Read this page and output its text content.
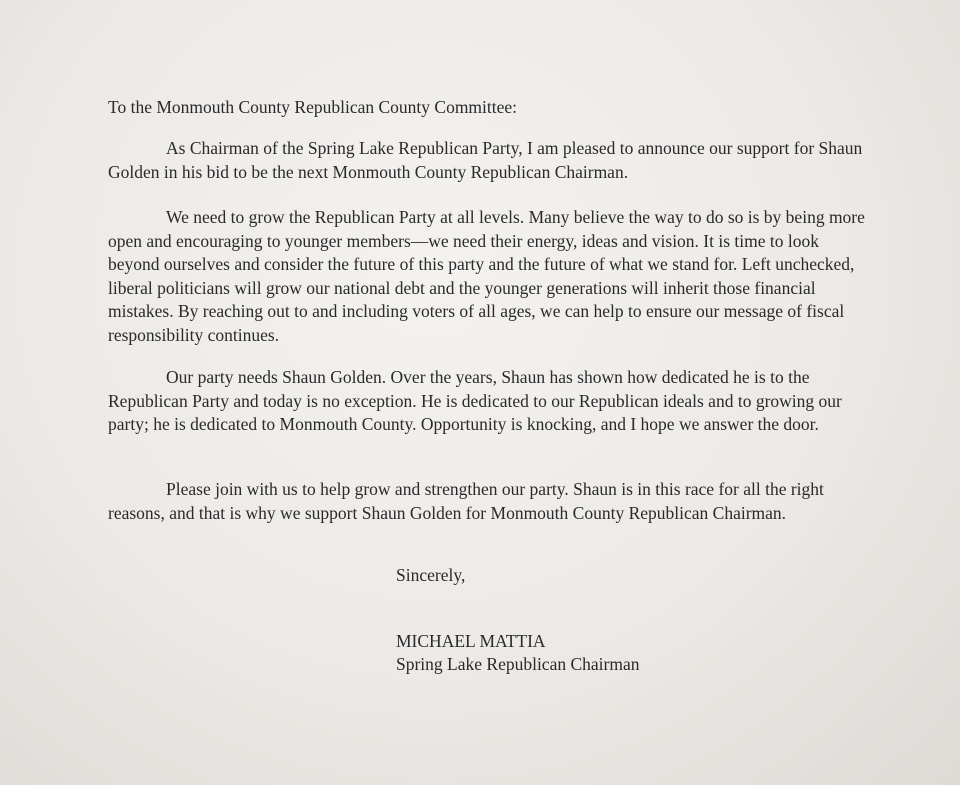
To the Monmouth County Republican County Committee:

As Chairman of the Spring Lake Republican Party, I am pleased to announce our support for Shaun Golden in his bid to be the next Monmouth County Republican Chairman.

We need to grow the Republican Party at all levels. Many believe the way to do so is by being more open and encouraging to younger members—we need their energy, ideas and vision. It is time to look beyond ourselves and consider the future of this party and the future of what we stand for. Left unchecked, liberal politicians will grow our national debt and the younger generations will inherit those financial mistakes. By reaching out to and including voters of all ages, we can help to ensure our message of fiscal responsibility continues.

Our party needs Shaun Golden. Over the years, Shaun has shown how dedicated he is to the Republican Party and today is no exception. He is dedicated to our Republican ideals and to growing our party; he is dedicated to Monmouth County. Opportunity is knocking, and I hope we answer the door.

Please join with us to help grow and strengthen our party. Shaun is in this race for all the right reasons, and that is why we support Shaun Golden for Monmouth County Republican Chairman.

Sincerely,

MICHAEL MATTIA

Spring Lake Republican Chairman
